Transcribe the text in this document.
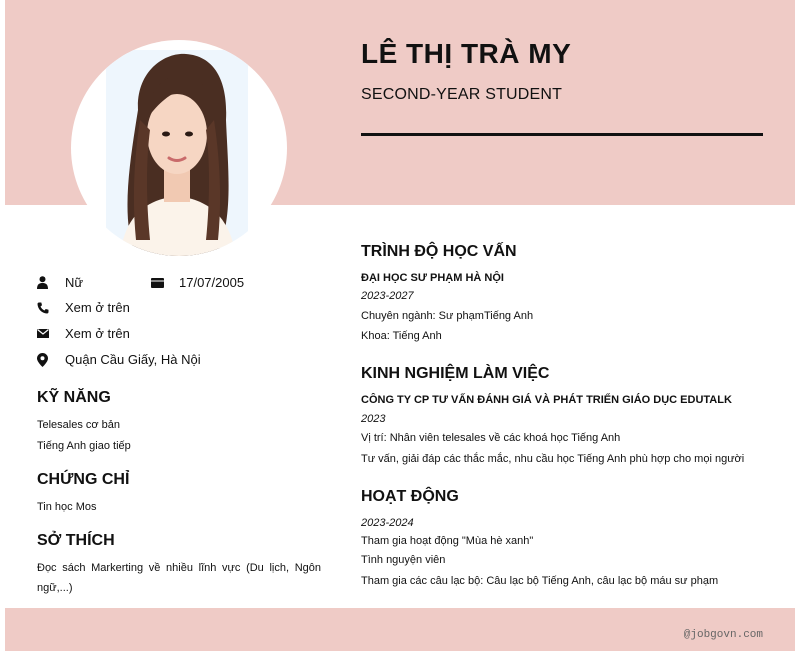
LÊ THỊ TRÀ MY
SECOND-YEAR STUDENT
Nữ	17/07/2005
Xem ở trên
Xem ở trên
Quận Cầu Giấy, Hà Nội
KỸ NĂNG
Telesales cơ bản
Tiếng Anh giao tiếp
CHỨNG CHỈ
Tin học Mos
SỞ THÍCH
Đọc sách Markerting về nhiều lĩnh vực (Du lịch, Ngôn
ngữ,...)
TRÌNH ĐỘ HỌC VẤN
ĐẠI HỌC SƯ PHẠM HÀ NỘI
2023-2027
Chuyên ngành: Sư phạmTiếng Anh
Khoa: Tiếng Anh
KINH NGHIỆM LÀM VIỆC
CÔNG TY CP TƯ VẤN ĐÁNH GIÁ VÀ PHÁT TRIỂN GIÁO DỤC EDUTALK
2023
Vị trí: Nhân viên telesales về các khoá học Tiếng Anh
Tư vấn, giải đáp các thắc mắc, nhu cầu học Tiếng Anh phù hợp cho mọi người
HOẠT ĐỘNG
2023-2024
Tham gia hoạt động "Mùa hè xanh"
Tình nguyện viên
Tham gia các câu lạc bộ: Câu lạc bộ Tiếng Anh, câu lạc bộ máu sư phạm
@jobgovn.com
